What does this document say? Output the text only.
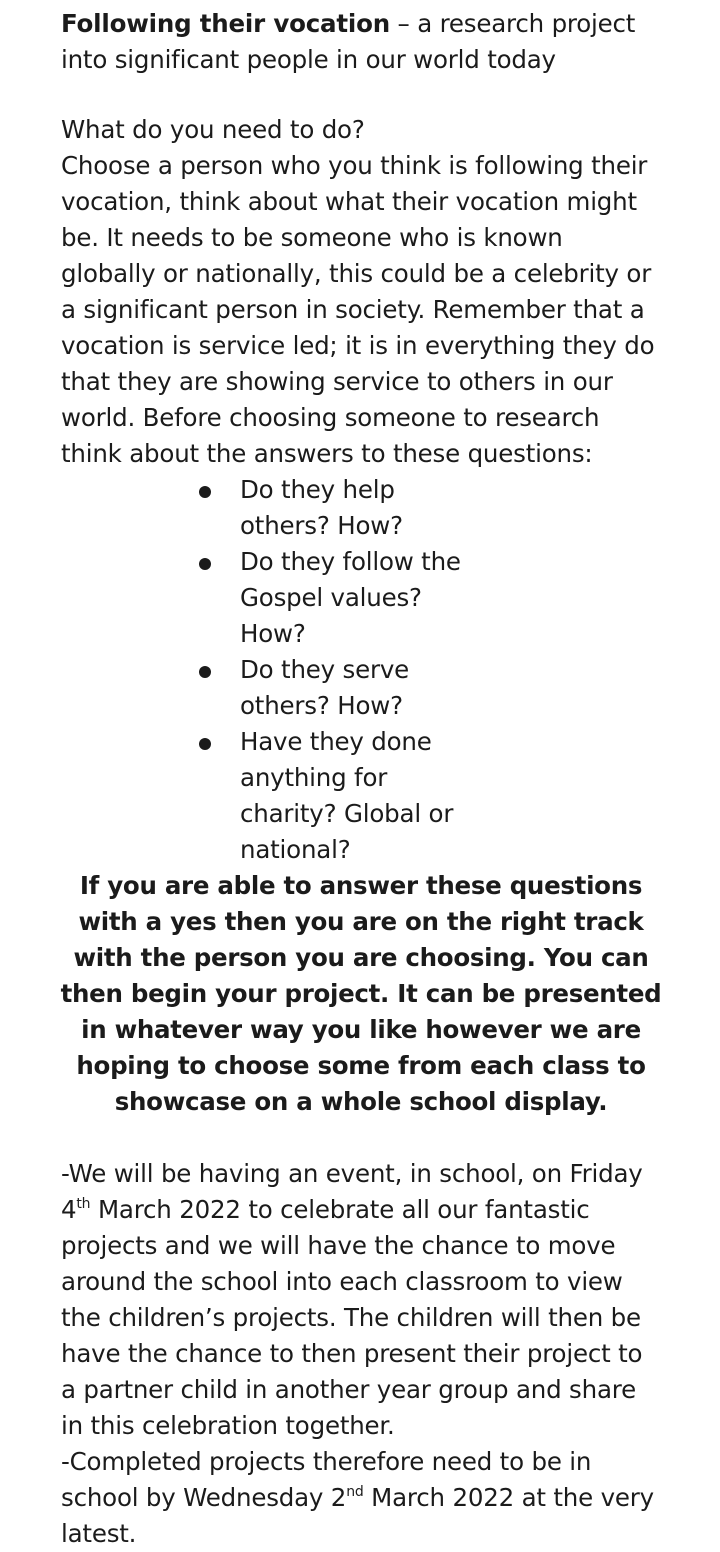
Following their vocation – a research project into significant people in our world today

What do you need to do?

Choose a person who you think is following their vocation, think about what their vocation might be. It needs to be someone who is known globally or nationally, this could be a celebrity or a significant person in society. Remember that a vocation is service led; it is in everything they do that they are showing service to others in our world. Before choosing someone to research think about the answers to these questions:

Do they help others? How?
Do they follow the Gospel values? How?
Do they serve others? How?
Have they done anything for charity? Global or national?

If you are able to answer these questions with a yes then you are on the right track with the person you are choosing. You can then begin your project. It can be presented in whatever way you like however we are hoping to choose some from each class to showcase on a whole school display.

-We will be having an event, in school, on Friday 4th March 2022 to celebrate all our fantastic projects and we will have the chance to move around the school into each classroom to view the children’s projects. The children will then be have the chance to then present their project to a partner child in another year group and share in this celebration together.

-Completed projects therefore need to be in school by Wednesday 2nd March 2022 at the very latest.
